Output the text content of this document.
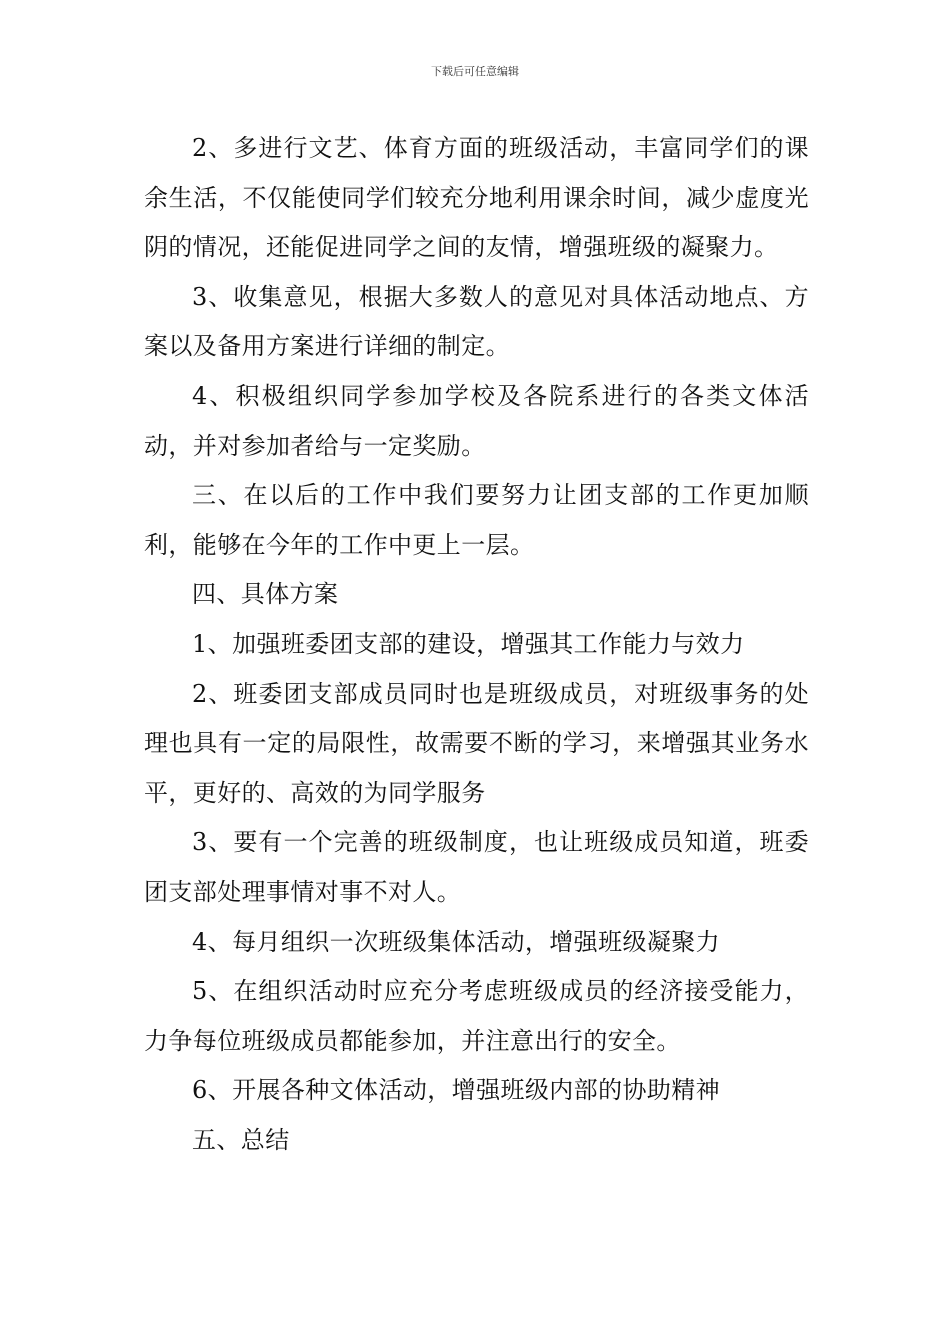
下载后可任意编辑

2、多进行文艺、体育方面的班级活动，丰富同学们的课余生活，不仅能使同学们较充分地利用课余时间，减少虚度光阴的情况，还能促进同学之间的友情，增强班级的凝聚力。

3、收集意见，根据大多数人的意见对具体活动地点、方案以及备用方案进行详细的制定。

4、积极组织同学参加学校及各院系进行的各类文体活动，并对参加者给与一定奖励。

三、在以后的工作中我们要努力让团支部的工作更加顺利，能够在今年的工作中更上一层。

四、具体方案

1、加强班委团支部的建设，增强其工作能力与效力

2、班委团支部成员同时也是班级成员，对班级事务的处理也具有一定的局限性，故需要不断的学习，来增强其业务水平，更好的、高效的为同学服务

3、要有一个完善的班级制度，也让班级成员知道，班委团支部处理事情对事不对人。

4、每月组织一次班级集体活动，增强班级凝聚力

5、在组织活动时应充分考虑班级成员的经济接受能力，力争每位班级成员都能参加，并注意出行的安全。

6、开展各种文体活动，增强班级内部的协助精神

五、总结
